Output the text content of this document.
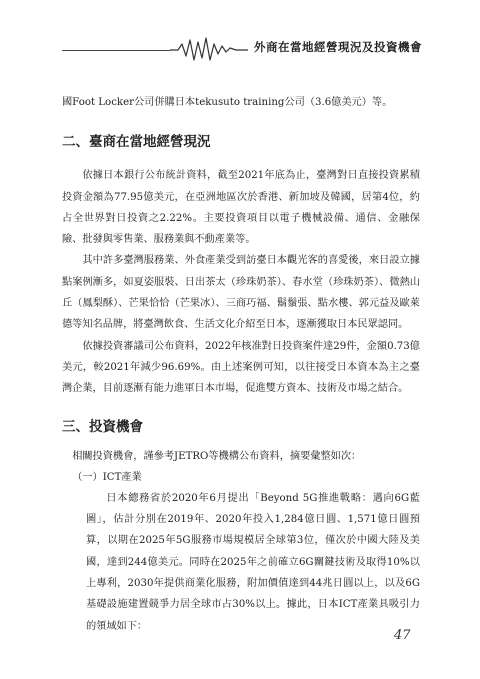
外商在當地經營現況及投資機會

國Foot Locker公司併購日本tekusuto training公司（3.6億美元）等。

二、臺商在當地經營現況

依據日本銀行公布統計資料，截至2021年底為止，臺灣對日直接投資累積投資金額為77.95億美元，在亞洲地區次於香港、新加坡及韓國，居第4位，約占全世界對日投資之2.22%。主要投資項目以電子機械設備、通信、金融保險、批發與零售業、服務業與不動產業等。

其中許多臺灣服務業、外食產業受到訪臺日本觀光客的喜愛後，來日設立據點案例漸多，如夏姿服裝、日出茶太（珍珠奶茶）、春水堂（珍珠奶茶）、微熱山丘（鳳梨酥）、芒果恰恰（芒果冰）、三商巧福、鬍鬚張、點水樓、郭元益及歐萊德等知名品牌，將臺灣飲食、生活文化介紹至日本，逐漸獲取日本民眾認同。

依據投資審議司公布資料，2022年核准對日投資案件達29件，金額0.73億美元，較2021年減少96.69%。由上述案例可知，以往接受日本資本為主之臺灣企業，目前逐漸有能力進軍日本市場，促進雙方資本、技術及市場之結合。

三、投資機會

相關投資機會，謹參考JETRO等機構公布資料，摘要彙整如次：

（一）ICT產業

日本總務省於2020年6月提出「Beyond 5G推進戰略：邁向6G藍圖」，估計分別在2019年、2020年投入1,284億日圓、1,571億日圓預算，以期在2025年5G服務市場規模居全球第3位，僅次於中國大陸及美國，達到244億美元。同時在2025年之前確立6G關鍵技術及取得10%以上專利，2030年提供商業化服務，附加價值達到44兆日圓以上，以及6G基礎設施建置競爭力居全球市占30%以上。據此，日本ICT產業具吸引力的領域如下：

47
